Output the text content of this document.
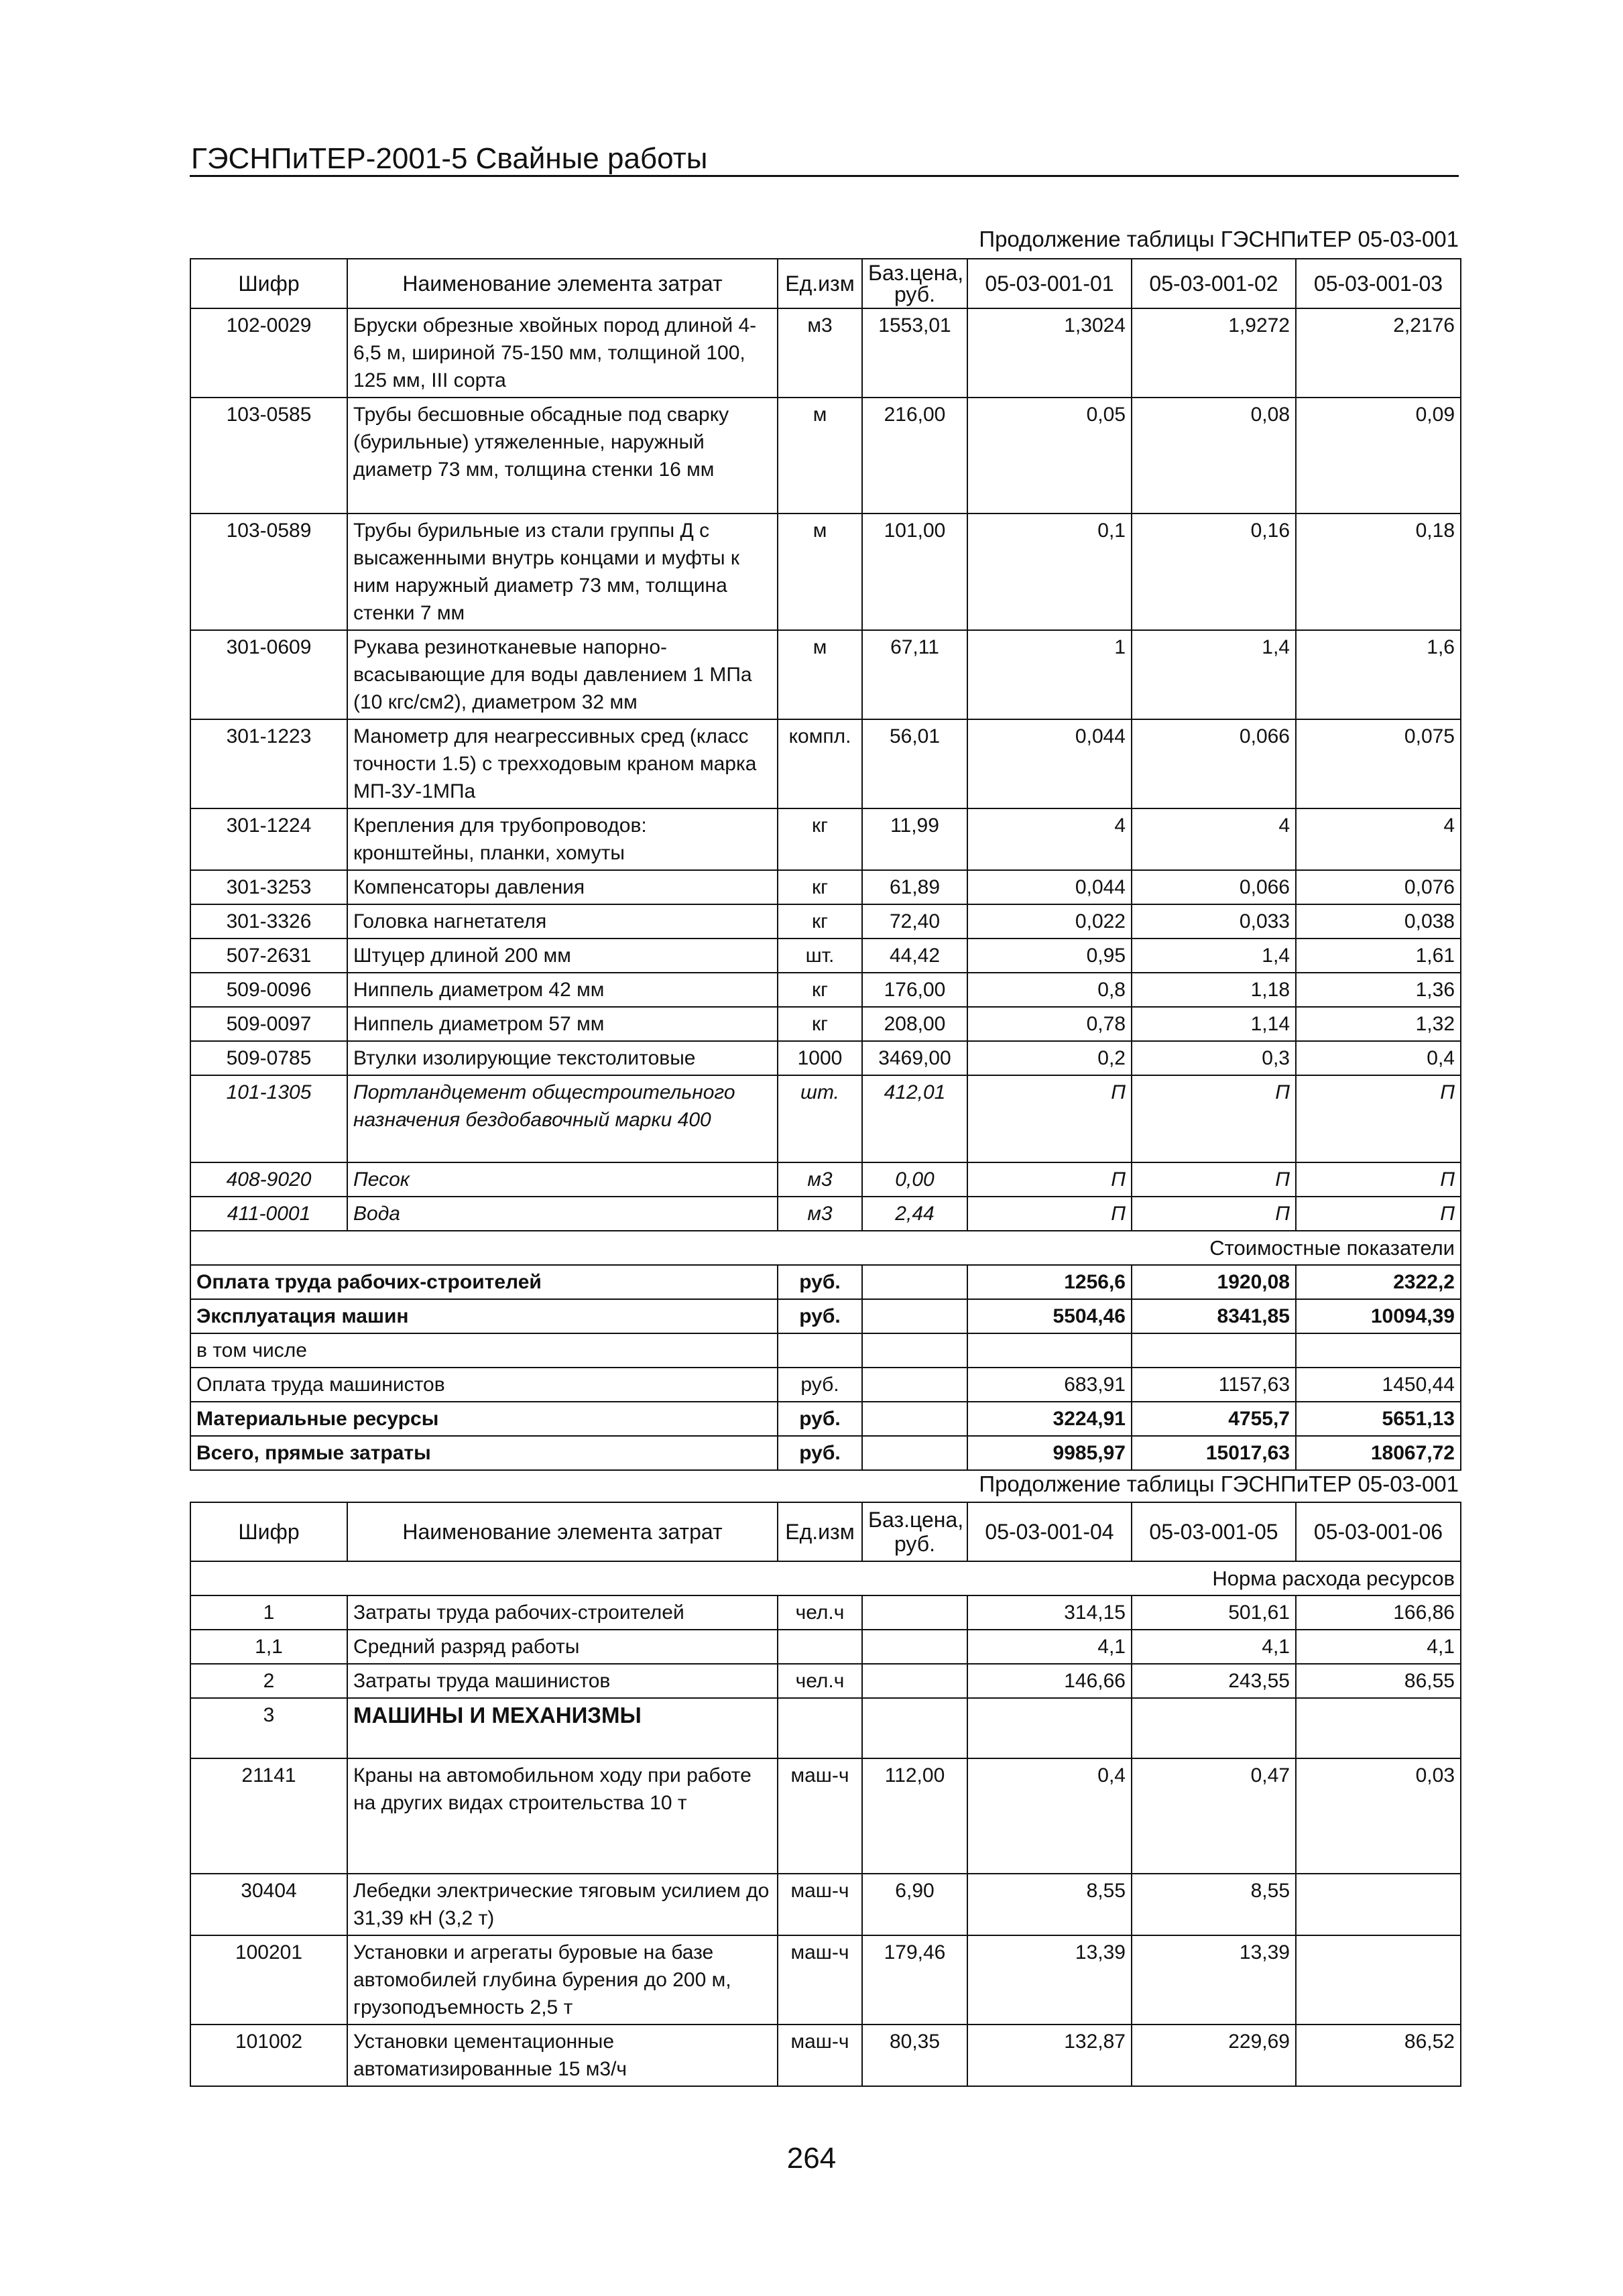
ГЭСНПиТЕР-2001-5 Свайные работы
Продолжение таблицы ГЭСНПиТЕР 05-03-001
Шифр	Наименование элемента затрат	Ед.изм	Баз.цена, руб.	05-03-001-01	05-03-001-02	05-03-001-03
102-0029	Бруски обрезные хвойных пород длиной 4-6,5 м, шириной 75-150 мм, толщиной 100, 125 мм, III сорта	м3	1553,01	1,3024	1,9272	2,2176
103-0585	Трубы бесшовные обсадные под сварку (бурильные) утяжеленные, наружный диаметр 73 мм, толщина стенки 16 мм	м	216,00	0,05	0,08	0,09
103-0589	Трубы бурильные из стали группы Д с высаженными внутрь концами и муфты к ним наружный диаметр 73 мм, толщина стенки 7 мм	м	101,00	0,1	0,16	0,18
301-0609	Рукава резинотканевые напорно-всасывающие для воды давлением 1 МПа (10 кгс/см2), диаметром 32 мм	м	67,11	1	1,4	1,6
301-1223	Манометр для неагрессивных сред (класс точности 1.5) с трехходовым краном марка МП-3У-1МПа	компл.	56,01	0,044	0,066	0,075
301-1224	Крепления для трубопроводов: кронштейны, планки, хомуты	кг	11,99	4	4	4
301-3253	Компенсаторы давления	кг	61,89	0,044	0,066	0,076
301-3326	Головка нагнетателя	кг	72,40	0,022	0,033	0,038
507-2631	Штуцер длиной 200 мм	шт.	44,42	0,95	1,4	1,61
509-0096	Ниппель диаметром 42 мм	кг	176,00	0,8	1,18	1,36
509-0097	Ниппель диаметром 57 мм	кг	208,00	0,78	1,14	1,32
509-0785	Втулки изолирующие текстолитовые	1000	3469,00	0,2	0,3	0,4
101-1305	Портландцемент общестроительного назначения бездобавочный марки 400	шт.	412,01	П	П	П
408-9020	Песок	м3	0,00	П	П	П
411-0001	Вода	м3	2,44	П	П	П
Стоимостные показатели						
Оплата труда рабочих-строителей		руб.		1256,6	1920,08	2322,2
Эксплуатация машин		руб.		5504,46	8341,85	10094,39
в том числе						
Оплата труда машинистов		руб.		683,91	1157,63	1450,44
Материальные ресурсы		руб.		3224,91	4755,7	5651,13
Всего, прямые затраты		руб.		9985,97	15017,63	18067,72
Продолжение таблицы ГЭСНПиТЕР 05-03-001
Шифр	Наименование элемента затрат	Ед.изм	Баз.цена, руб.	05-03-001-04	05-03-001-05	05-03-001-06
Норма расхода ресурсов						
1	Затраты труда рабочих-строителей	чел.ч		314,15	501,61	166,86
1,1	Средний разряд работы			4,1	4,1	4,1
2	Затраты труда машинистов	чел.ч		146,66	243,55	86,55
3	МАШИНЫ И МЕХАНИЗМЫ					
21141	Краны на автомобильном ходу при работе на других видах строительства 10 т	маш-ч	112,00	0,4	0,47	0,03
30404	Лебедки электрические тяговым усилием до 31,39 кН (3,2 т)	маш-ч	6,90	8,55	8,55	
100201	Установки и агрегаты буровые на базе автомобилей глубина бурения до 200 м, грузоподъемность 2,5 т	маш-ч	179,46	13,39	13,39	
101002	Установки цементационные автоматизированные 15 м3/ч	маш-ч	80,35	132,87	229,69	86,52
264
